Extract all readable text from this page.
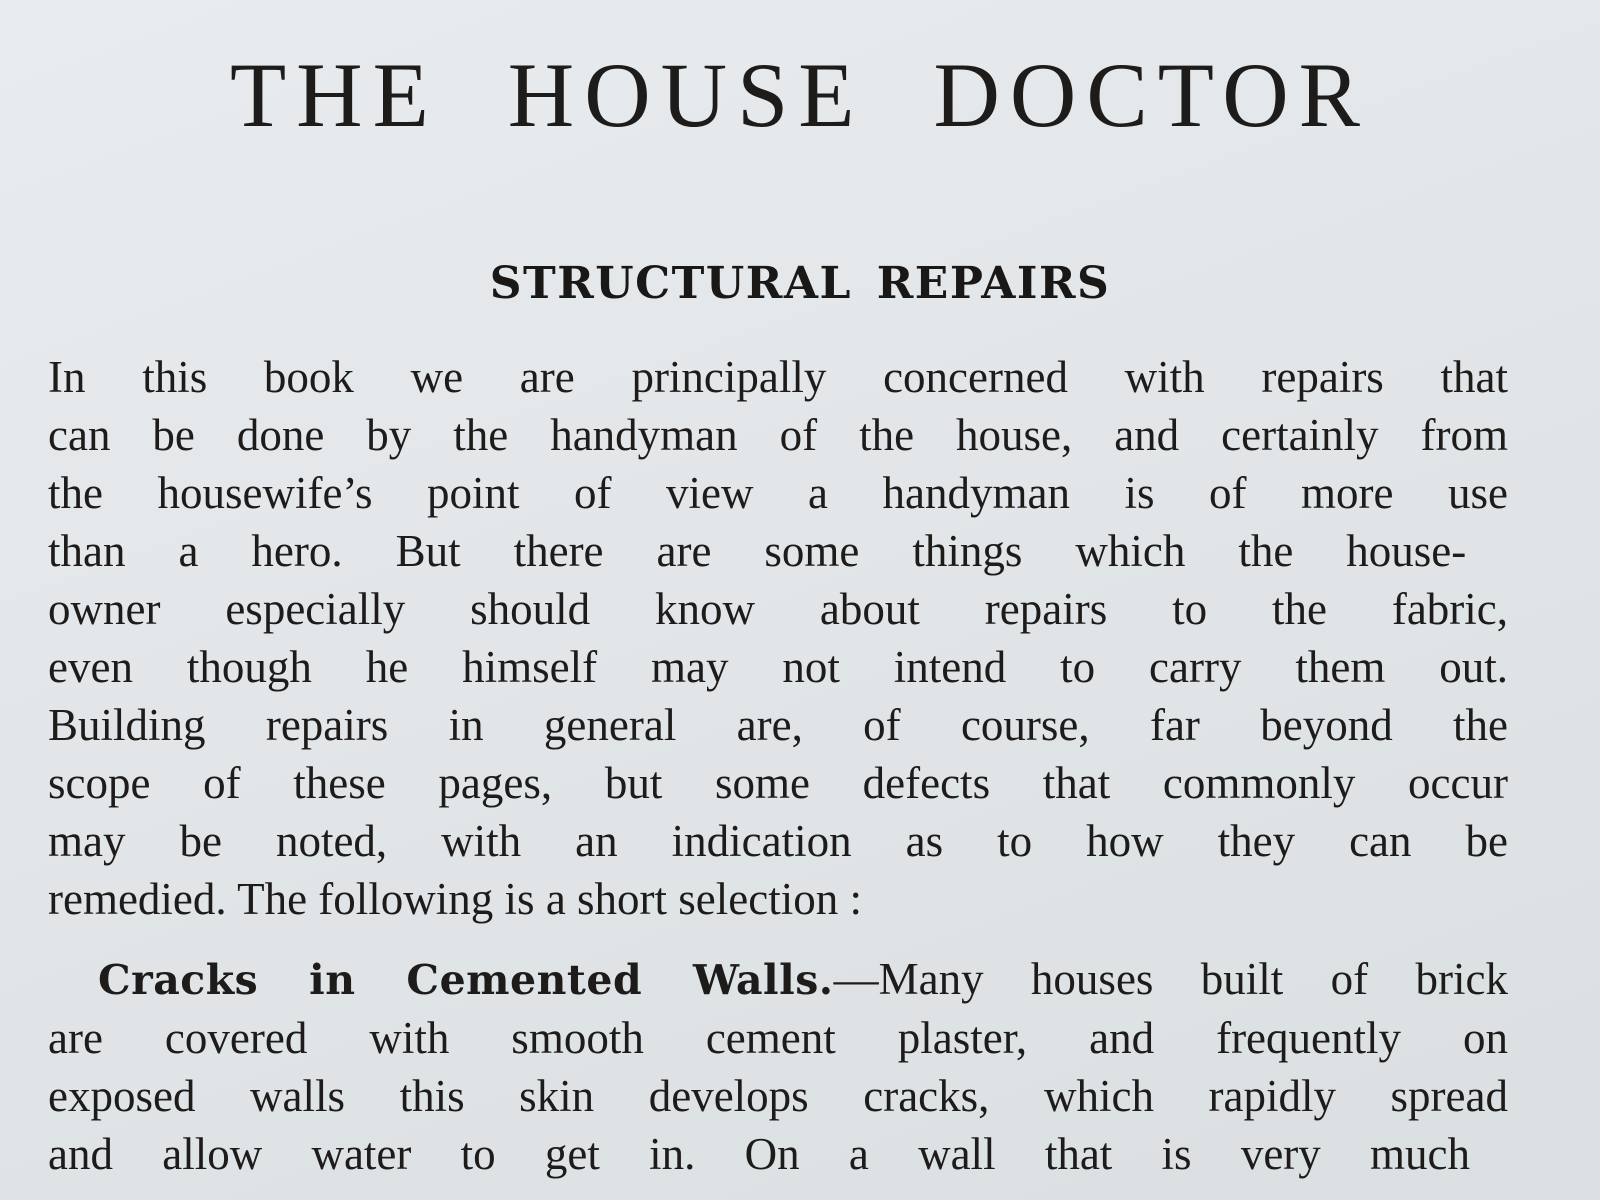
THE HOUSE DOCTOR
STRUCTURAL REPAIRS
In this book we are principally concerned with repairs that
can be done by the handyman of the house, and certainly from
the housewife’s point of view a handyman is of more use
than a hero. But there are some things which the house-
owner especially should know about repairs to the fabric,
even though he himself may not intend to carry them out.
Building repairs in general are, of course, far beyond the
scope of these pages, but some defects that commonly occur
may be noted, with an indication as to how they can be
remedied. The following is a short selection :
Cracks in Cemented Walls.—Many houses built of brick
are covered with smooth cement plaster, and frequently on
exposed walls this skin develops cracks, which rapidly spread
and allow water to get in. On a wall that is very much
